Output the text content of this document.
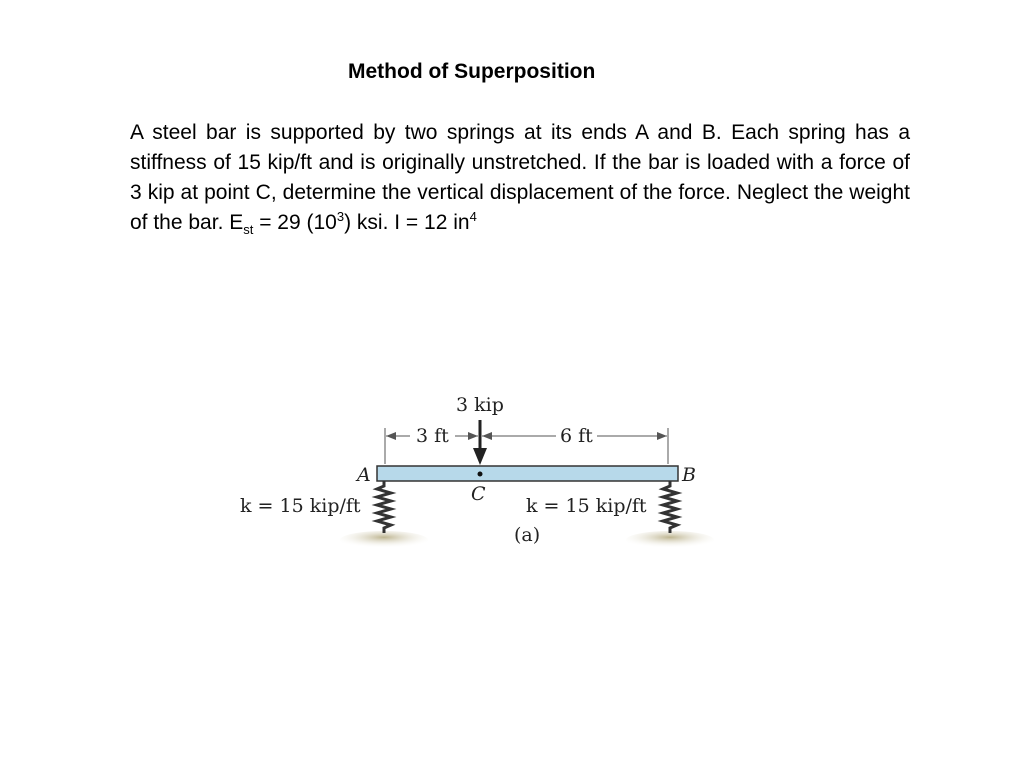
Method of Superposition
A steel bar is supported by two springs at its ends A and B. Each spring has a stiffness of 15 kip/ft and is originally unstretched. If the bar is loaded with a force of 3 kip at point C, determine the vertical displacement of the force. Neglect the weight of the bar. $E_{st} = 29$ $(10^3)$ ksi. I = 12 $in^4$
3 kip
3 ft	6 ft
A	B
C
k = 15 kip/ft	k = 15 kip/ft
(a)
